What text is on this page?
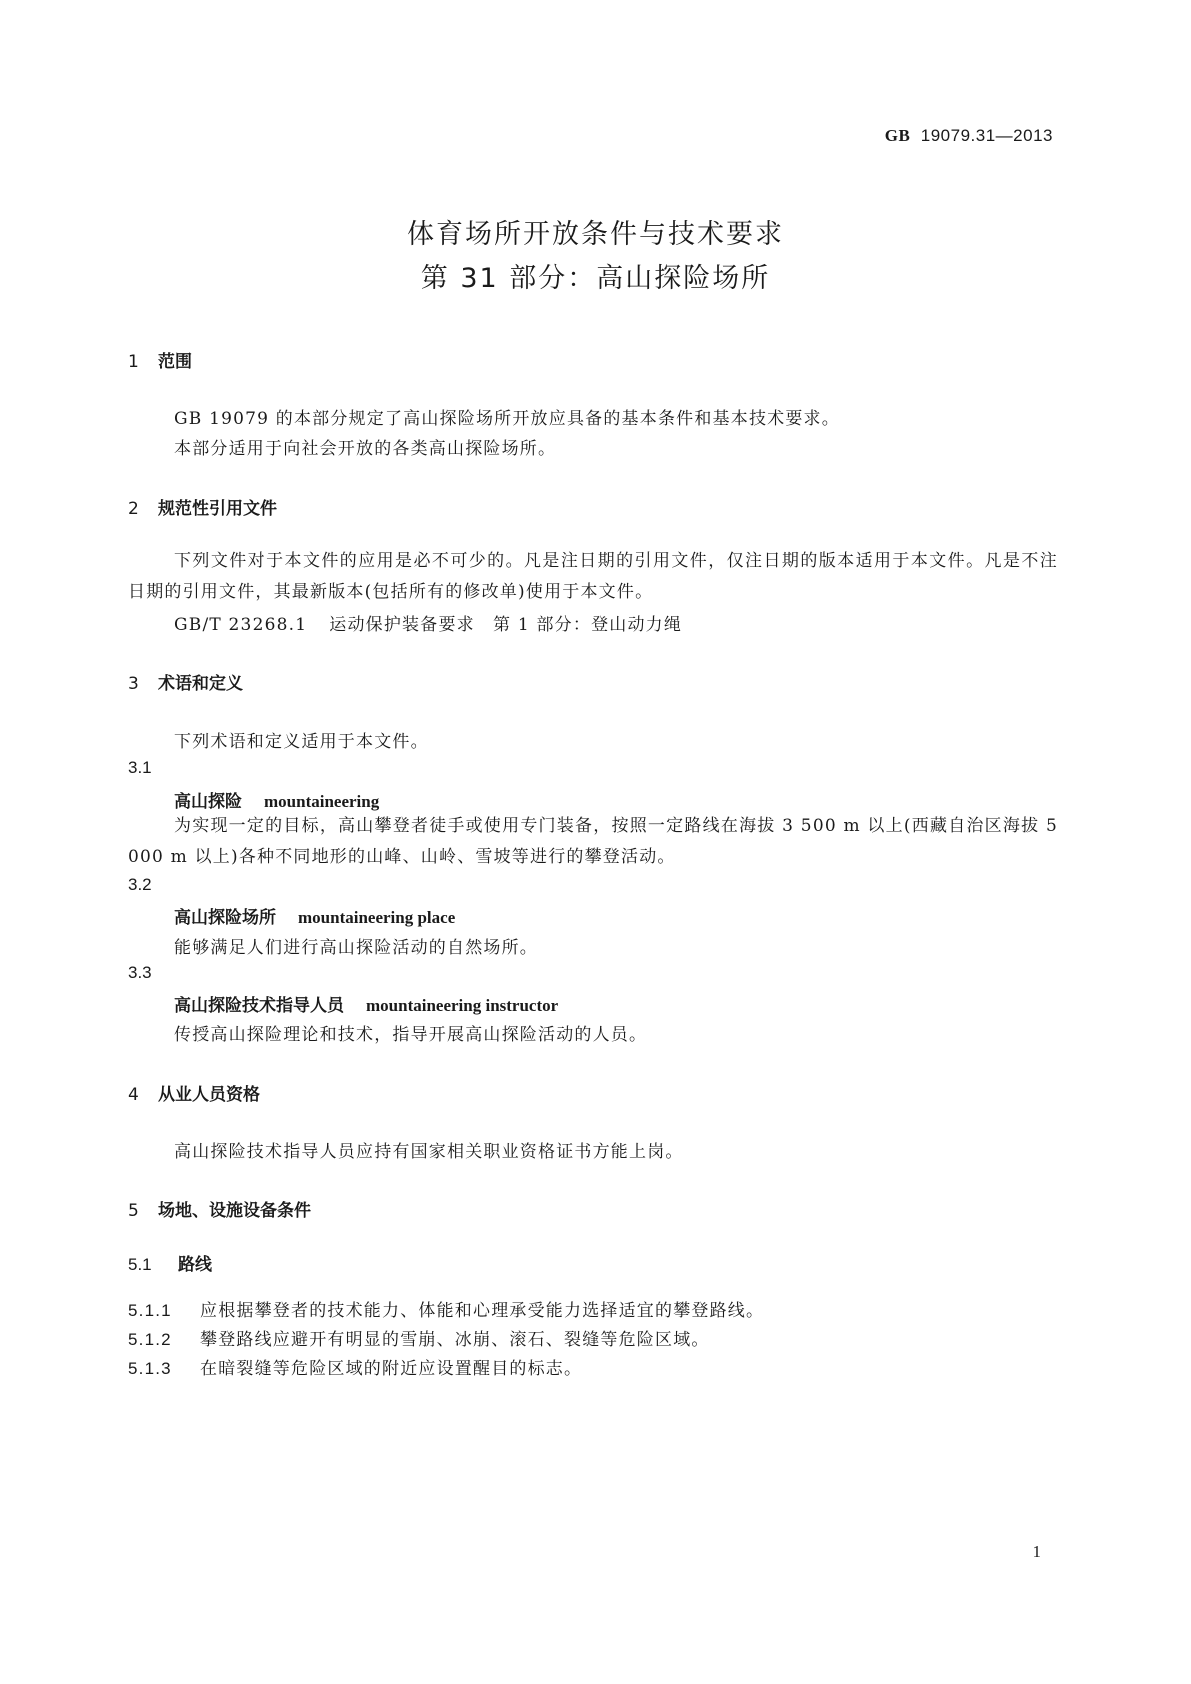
GB 19079.31—2013
体育场所开放条件与技术要求
第 31 部分：高山探险场所
1 范围
GB 19079 的本部分规定了高山探险场所开放应具备的基本条件和基本技术要求。
本部分适用于向社会开放的各类高山探险场所。
2 规范性引用文件
下列文件对于本文件的应用是必不可少的。凡是注日期的引用文件，仅注日期的版本适用于本文件。凡是不注日期的引用文件，其最新版本(包括所有的修改单)使用于本文件。
GB/T 23268.1 运动保护装备要求　第 1 部分：登山动力绳
3 术语和定义
下列术语和定义适用于本文件。
3.1
高山探险 mountaineering
为实现一定的目标，高山攀登者徒手或使用专门装备，按照一定路线在海拔 3 500 m 以上(西藏自治区海拔 5 000 m 以上)各种不同地形的山峰、山岭、雪坡等进行的攀登活动。
3.2
高山探险场所 mountaineering place
能够满足人们进行高山探险活动的自然场所。
3.3
高山探险技术指导人员 mountaineering instructor
传授高山探险理论和技术，指导开展高山探险活动的人员。
4 从业人员资格
高山探险技术指导人员应持有国家相关职业资格证书方能上岗。
5 场地、设施设备条件
5.1 路线
5.1.1 应根据攀登者的技术能力、体能和心理承受能力选择适宜的攀登路线。
5.1.2 攀登路线应避开有明显的雪崩、冰崩、滚石、裂缝等危险区域。
5.1.3 在暗裂缝等危险区域的附近应设置醒目的标志。
1
